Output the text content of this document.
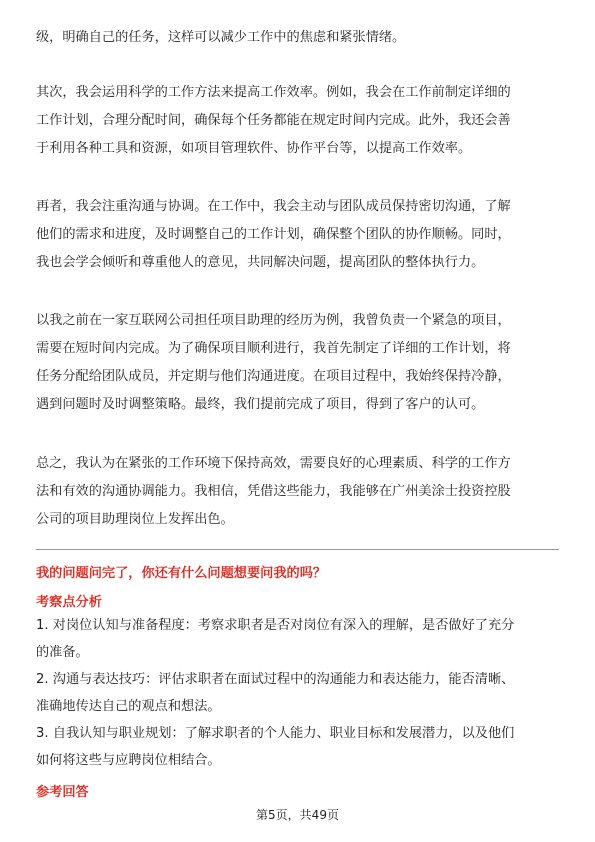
级，明确自己的任务，这样可以减少工作中的焦虑和紧张情绪。
其次，我会运用科学的工作方法来提高工作效率。例如，我会在工作前制定详细的
工作计划，合理分配时间，确保每个任务都能在规定时间内完成。此外，我还会善
于利用各种工具和资源，如项目管理软件、协作平台等，以提高工作效率。
再者，我会注重沟通与协调。在工作中，我会主动与团队成员保持密切沟通，了解
他们的需求和进度，及时调整自己的工作计划，确保整个团队的协作顺畅。同时，
我也会学会倾听和尊重他人的意见，共同解决问题，提高团队的整体执行力。
以我之前在一家互联网公司担任项目助理的经历为例，我曾负责一个紧急的项目，
需要在短时间内完成。为了确保项目顺利进行，我首先制定了详细的工作计划，将
任务分配给团队成员，并定期与他们沟通进度。在项目过程中，我始终保持冷静，
遇到问题时及时调整策略。最终，我们提前完成了项目，得到了客户的认可。
总之，我认为在紧张的工作环境下保持高效，需要良好的心理素质、科学的工作方
法和有效的沟通协调能力。我相信，凭借这些能力，我能够在广州美涂士投资控股
公司的项目助理岗位上发挥出色。
我的问题问完了，你还有什么问题想要问我的吗？
考察点分析
1. 对岗位认知与准备程度：考察求职者是否对岗位有深入的理解，是否做好了充分
的准备。
2. 沟通与表达技巧：评估求职者在面试过程中的沟通能力和表达能力，能否清晰、
准确地传达自己的观点和想法。
3. 自我认知与职业规划：了解求职者的个人能力、职业目标和发展潜力，以及他们
如何将这些与应聘岗位相结合。
参考回答
第5页，共49页
